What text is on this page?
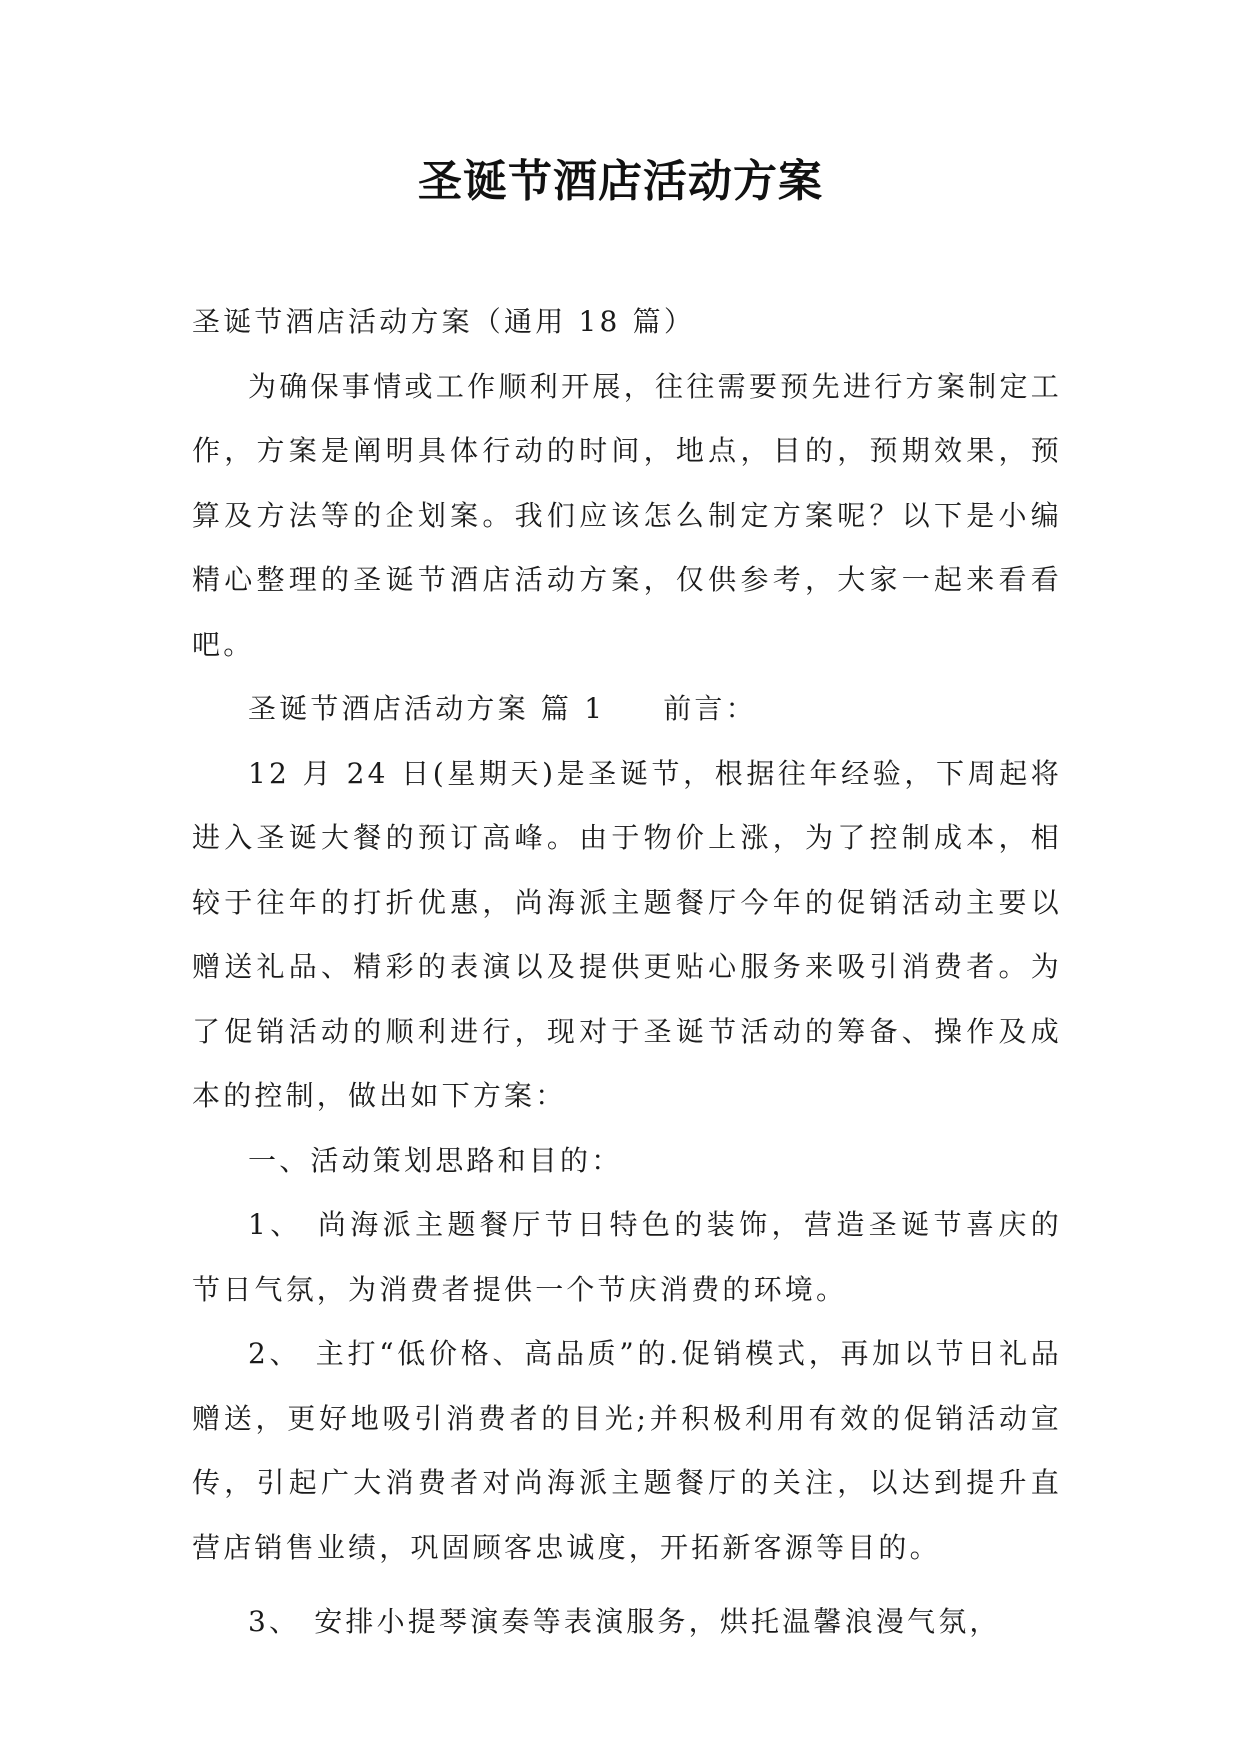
圣诞节酒店活动方案

圣诞节酒店活动方案（通用 18 篇）

为确保事情或工作顺利开展，往往需要预先进行方案制定工作，方案是阐明具体行动的时间，地点，目的，预期效果，预算及方法等的企划案。我们应该怎么制定方案呢？以下是小编精心整理的圣诞节酒店活动方案，仅供参考，大家一起来看看吧。

圣诞节酒店活动方案 篇 1 前言：

12 月 24 日(星期天)是圣诞节，根据往年经验，下周起将进入圣诞大餐的预订高峰。由于物价上涨，为了控制成本，相较于往年的打折优惠，尚海派主题餐厅今年的促销活动主要以赠送礼品、精彩的表演以及提供更贴心服务来吸引消费者。为了促销活动的顺利进行，现对于圣诞节活动的筹备、操作及成本的控制，做出如下方案：

一、活动策划思路和目的：

1、 尚海派主题餐厅节日特色的装饰，营造圣诞节喜庆的节日气氛，为消费者提供一个节庆消费的环境。

2、 主打“低价格、高品质”的.促销模式，再加以节日礼品赠送，更好地吸引消费者的目光;并积极利用有效的促销活动宣传，引起广大消费者对尚海派主题餐厅的关注，以达到提升直营店销售业绩，巩固顾客忠诚度，开拓新客源等目的。

3、 安排小提琴演奏等表演服务，烘托温馨浪漫气氛，
